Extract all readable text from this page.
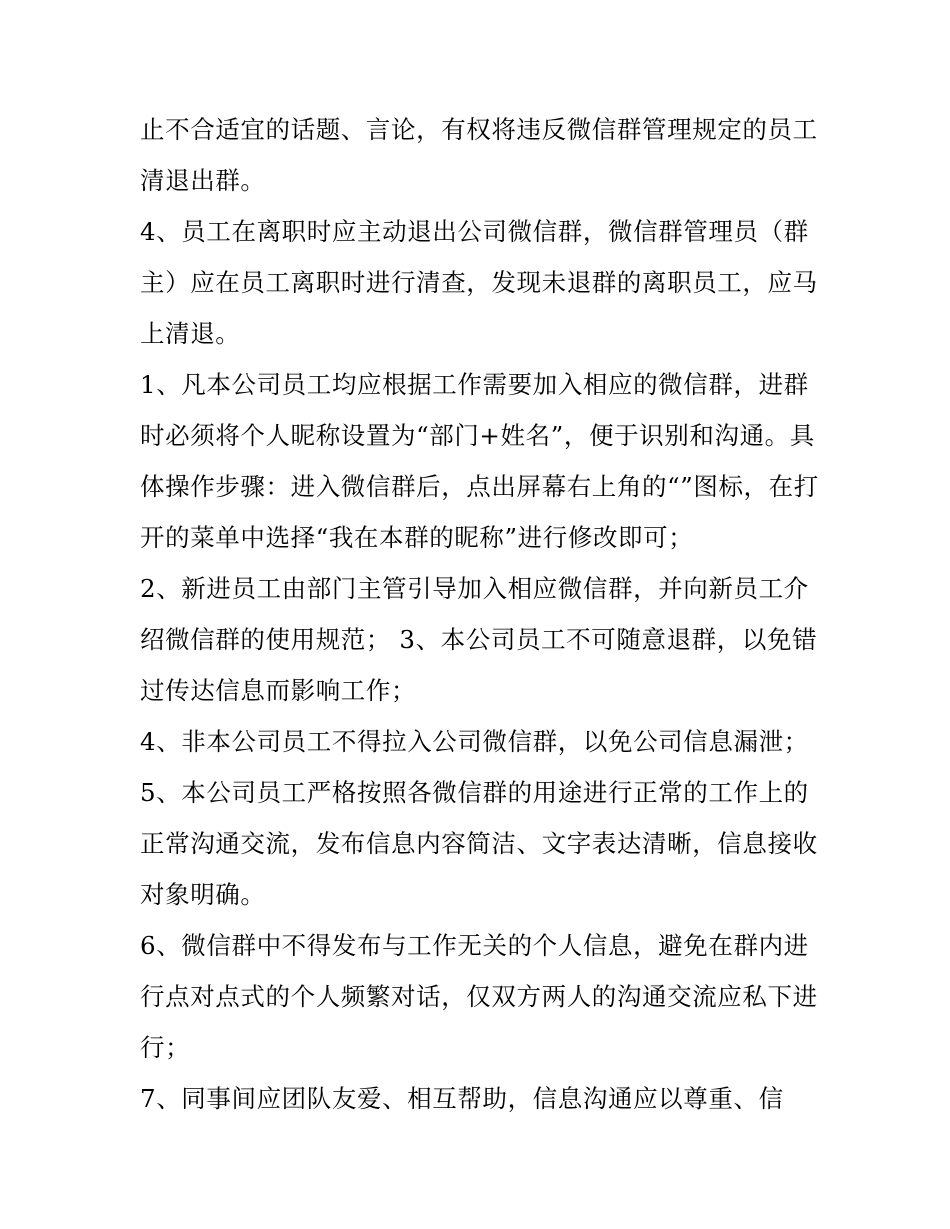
止不合适宜的话题、言论，有权将违反微信群管理规定的员工
清退出群。
4、员工在离职时应主动退出公司微信群，微信群管理员（群
主）应在员工离职时进行清查，发现未退群的离职员工，应马
上清退。
1、凡本公司员工均应根据工作需要加入相应的微信群，进群
时必须将个人昵称设置为“部门+姓名”，便于识别和沟通。具
体操作步骤：进入微信群后，点出屏幕右上角的“”图标，在打
开的菜单中选择“我在本群的昵称”进行修改即可；
2、新进员工由部门主管引导加入相应微信群，并向新员工介
绍微信群的使用规范； 3、本公司员工不可随意退群，以免错
过传达信息而影响工作；
4、非本公司员工不得拉入公司微信群，以免公司信息漏泄；
5、本公司员工严格按照各微信群的用途进行正常的工作上的
正常沟通交流，发布信息内容简洁、文字表达清晰，信息接收
对象明确。
6、微信群中不得发布与工作无关的个人信息，避免在群内进
行点对点式的个人频繁对话，仅双方两人的沟通交流应私下进
行；
7、同事间应团队友爱、相互帮助，信息沟通应以尊重、信
